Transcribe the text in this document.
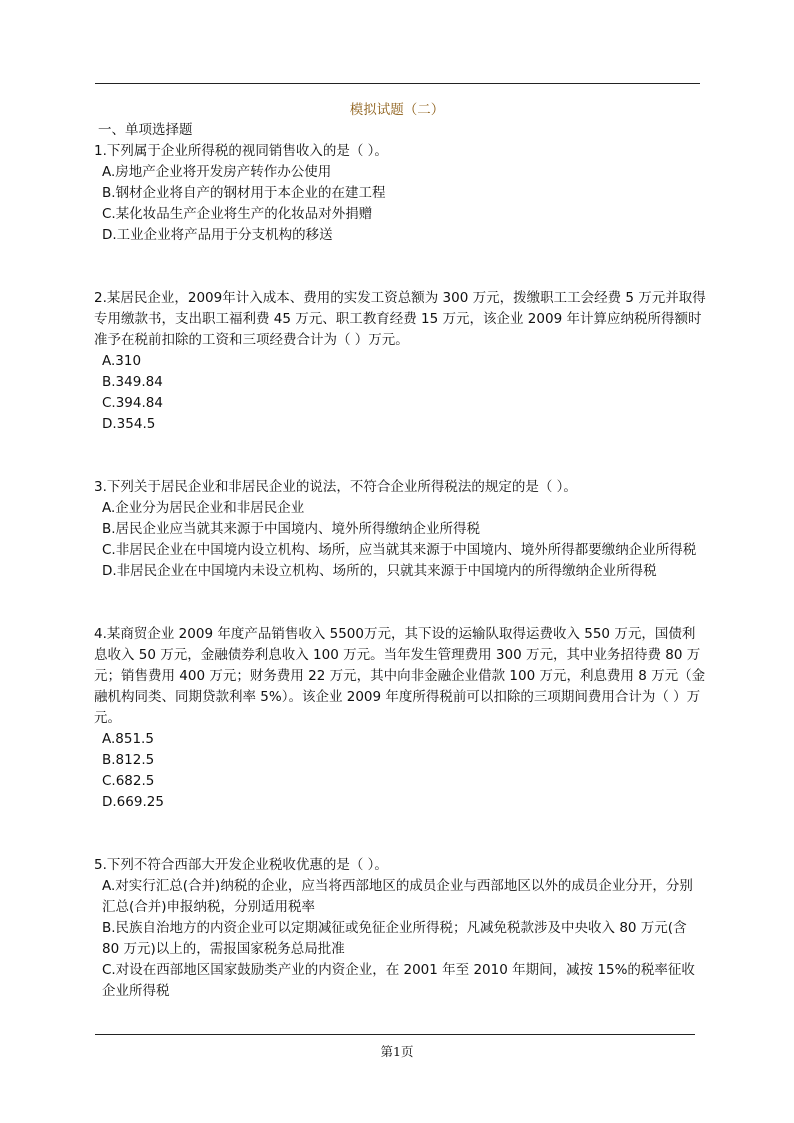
模拟试题（二）
一、单项选择题

1.下列属于企业所得税的视同销售收入的是（ ）。

A.房地产企业将开发房产转作办公使用
B.钢材企业将自产的钢材用于本企业的在建工程
C.某化妆品生产企业将生产的化妆品对外捐赠
D.工业企业将产品用于分支机构的移送

2.某居民企业，2009年计入成本、费用的实发工资总额为 300 万元，拨缴职工工会经费 5 万元并取得专用缴款书，支出职工福利费 45 万元、职工教育经费 15 万元，该企业 2009 年计算应纳税所得额时准予在税前扣除的工资和三项经费合计为（ ）万元。

A.310
B.349.84
C.394.84
D.354.5

3.下列关于居民企业和非居民企业的说法，不符合企业所得税法的规定的是（ ）。

A.企业分为居民企业和非居民企业
B.居民企业应当就其来源于中国境内、境外所得缴纳企业所得税
C.非居民企业在中国境内设立机构、场所，应当就其来源于中国境内、境外所得都要缴纳企业所得税
D.非居民企业在中国境内未设立机构、场所的，只就其来源于中国境内的所得缴纳企业所得税

4.某商贸企业 2009 年度产品销售收入 5500万元，其下设的运输队取得运费收入 550 万元，国债利息收入 50 万元，金融债券利息收入 100 万元。当年发生管理费用 300 万元，其中业务招待费 80 万元；销售费用 400 万元；财务费用 22 万元，其中向非金融企业借款 100 万元，利息费用 8 万元（金融机构同类、同期贷款利率 5%）。该企业 2009 年度所得税前可以扣除的三项期间费用合计为（ ）万元。

A.851.5
B.812.5
C.682.5
D.669.25

5.下列不符合西部大开发企业税收优惠的是（ ）。

A.对实行汇总(合并)纳税的企业，应当将西部地区的成员企业与西部地区以外的成员企业分开，分别汇总(合并)申报纳税，分别适用税率
B.民族自治地方的内资企业可以定期减征或免征企业所得税；凡减免税款涉及中央收入 80 万元(含 80 万元)以上的，需报国家税务总局批准
C.对设在西部地区国家鼓励类产业的内资企业，在 2001 年至 2010 年期间，减按 15%的税率征收企业所得税
第1页
